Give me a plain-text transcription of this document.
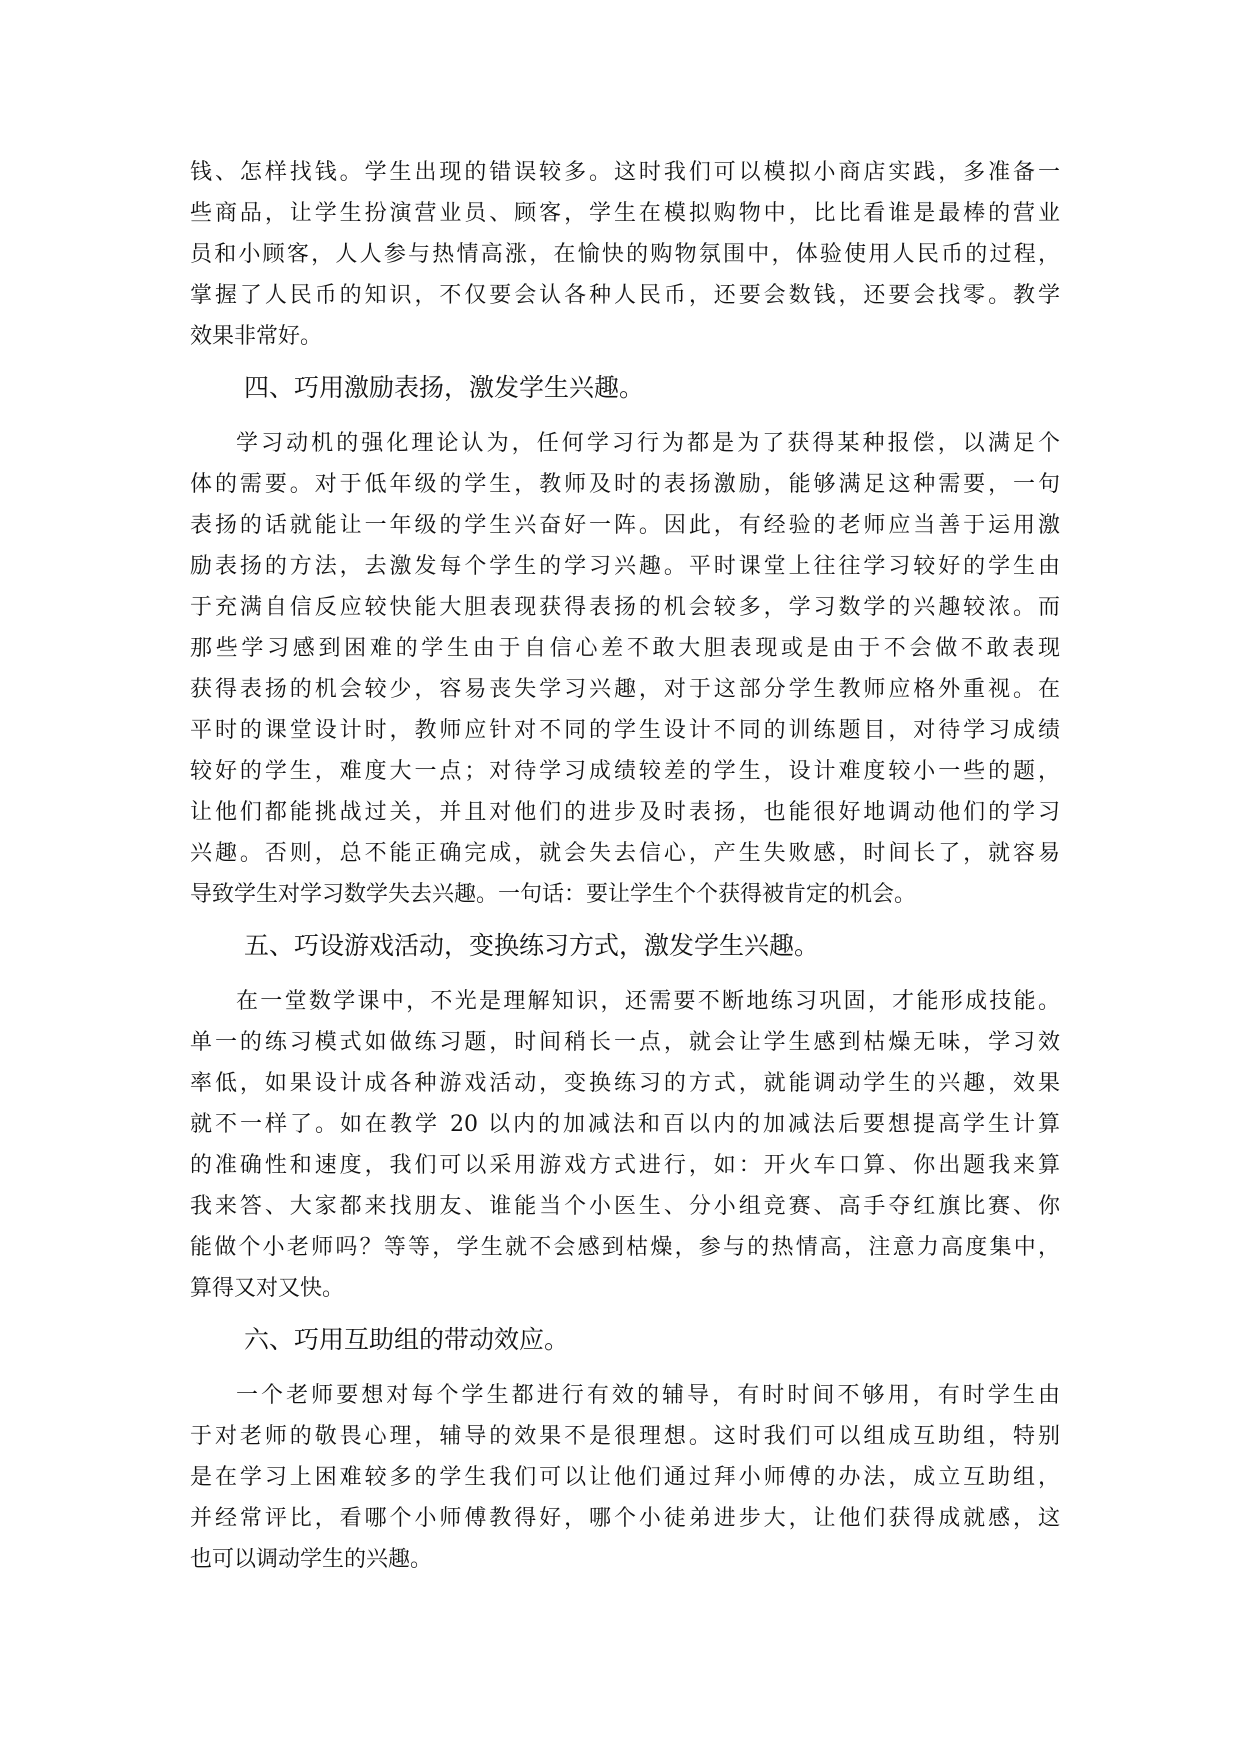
钱、怎样找钱。学生出现的错误较多。这时我们可以模拟小商店实践，多准备一
些商品，让学生扮演营业员、顾客，学生在模拟购物中，比比看谁是最棒的营业
员和小顾客，人人参与热情高涨，在愉快的购物氛围中，体验使用人民币的过程，
掌握了人民币的知识，不仅要会认各种人民币，还要会数钱，还要会找零。教学
效果非常好。
四、巧用激励表扬，激发学生兴趣。
学习动机的强化理论认为，任何学习行为都是为了获得某种报偿，以满足个
体的需要。对于低年级的学生，教师及时的表扬激励，能够满足这种需要，一句
表扬的话就能让一年级的学生兴奋好一阵。因此，有经验的老师应当善于运用激
励表扬的方法，去激发每个学生的学习兴趣。平时课堂上往往学习较好的学生由
于充满自信反应较快能大胆表现获得表扬的机会较多，学习数学的兴趣较浓。而
那些学习感到困难的学生由于自信心差不敢大胆表现或是由于不会做不敢表现
获得表扬的机会较少，容易丧失学习兴趣，对于这部分学生教师应格外重视。在
平时的课堂设计时，教师应针对不同的学生设计不同的训练题目，对待学习成绩
较好的学生，难度大一点；对待学习成绩较差的学生，设计难度较小一些的题，
让他们都能挑战过关，并且对他们的进步及时表扬，也能很好地调动他们的学习
兴趣。否则，总不能正确完成，就会失去信心，产生失败感，时间长了，就容易
导致学生对学习数学失去兴趣。一句话：要让学生个个获得被肯定的机会。
五、巧设游戏活动，变换练习方式，激发学生兴趣。
在一堂数学课中，不光是理解知识，还需要不断地练习巩固，才能形成技能。
单一的练习模式如做练习题，时间稍长一点，就会让学生感到枯燥无味，学习效
率低，如果设计成各种游戏活动，变换练习的方式，就能调动学生的兴趣，效果
就不一样了。如在教学 20 以内的加减法和百以内的加减法后要想提高学生计算
的准确性和速度，我们可以采用游戏方式进行，如：开火车口算、你出题我来算
我来答、大家都来找朋友、谁能当个小医生、分小组竞赛、高手夺红旗比赛、你
能做个小老师吗？等等，学生就不会感到枯燥，参与的热情高，注意力高度集中，
算得又对又快。
六、巧用互助组的带动效应。
一个老师要想对每个学生都进行有效的辅导，有时时间不够用，有时学生由
于对老师的敬畏心理，辅导的效果不是很理想。这时我们可以组成互助组，特别
是在学习上困难较多的学生我们可以让他们通过拜小师傅的办法，成立互助组，
并经常评比，看哪个小师傅教得好，哪个小徒弟进步大，让他们获得成就感，这
也可以调动学生的兴趣。
